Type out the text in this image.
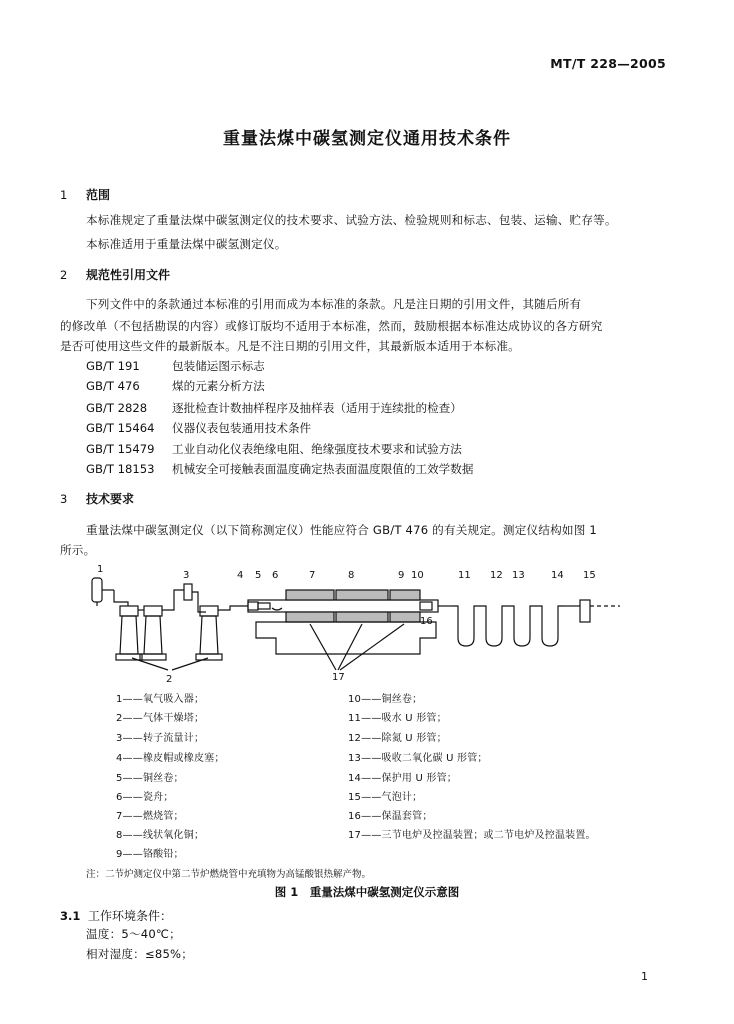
MT/T 228—2005
重量法煤中碳氢测定仪通用技术条件
1 范围
本标准规定了重量法煤中碳氢测定仪的技术要求、试验方法、检验规则和标志、包装、运输、贮存等。
本标准适用于重量法煤中碳氢测定仪。
2 规范性引用文件
下列文件中的条款通过本标准的引用而成为本标准的条款。凡是注日期的引用文件，其随后所有
的修改单（不包括勘误的内容）或修订版均不适用于本标准，然而，鼓励根据本标准达成协议的各方研究
是否可使用这些文件的最新版本。凡是不注日期的引用文件，其最新版本适用于本标准。
GB/T 191	包装储运图示标志
GB/T 476	煤的元素分析方法
GB/T 2828 逐批检查计数抽样程序及抽样表（适用于连续批的检查）
GB/T 15464 仪器仪表包装通用技术条件
GB/T 15479 工业自动化仪表绝缘电阻、绝缘强度技术要求和试验方法
GB/T 18153 机械安全可接触表面温度确定热表面温度限值的工效学数据
3 技术要求
重量法煤中碳氢测定仪（以下简称测定仪）性能应符合 GB/T 476 的有关规定。测定仪结构如图 1
所示。
1
2
3	4 5 6	7	8	9 10	11 12 13	14 15
16
17
1——氧气吸入器；
2——气体干燥塔；
3——转子流量计；
4——橡皮帽或橡皮塞；
5——铜丝卷；
6——瓷舟；
7——燃烧管；
8——线状氧化铜；
9——铬酸铅；
10——铜丝卷；
11——吸水 U 形管；
12——除氮 U 形管；
13——吸收二氧化碳 U 形管；
14——保护用 U 形管；
15——气泡计；
16——保温套管；
17——三节电炉及控温装置；或二节电炉及控温装置。
注：二节炉测定仪中第二节炉燃烧管中充填物为高锰酸银热解产物。
图 1　重量法煤中碳氢测定仪示意图
3.1 工作环境条件：
温度：5～40℃；
相对湿度：≤85%；
1
